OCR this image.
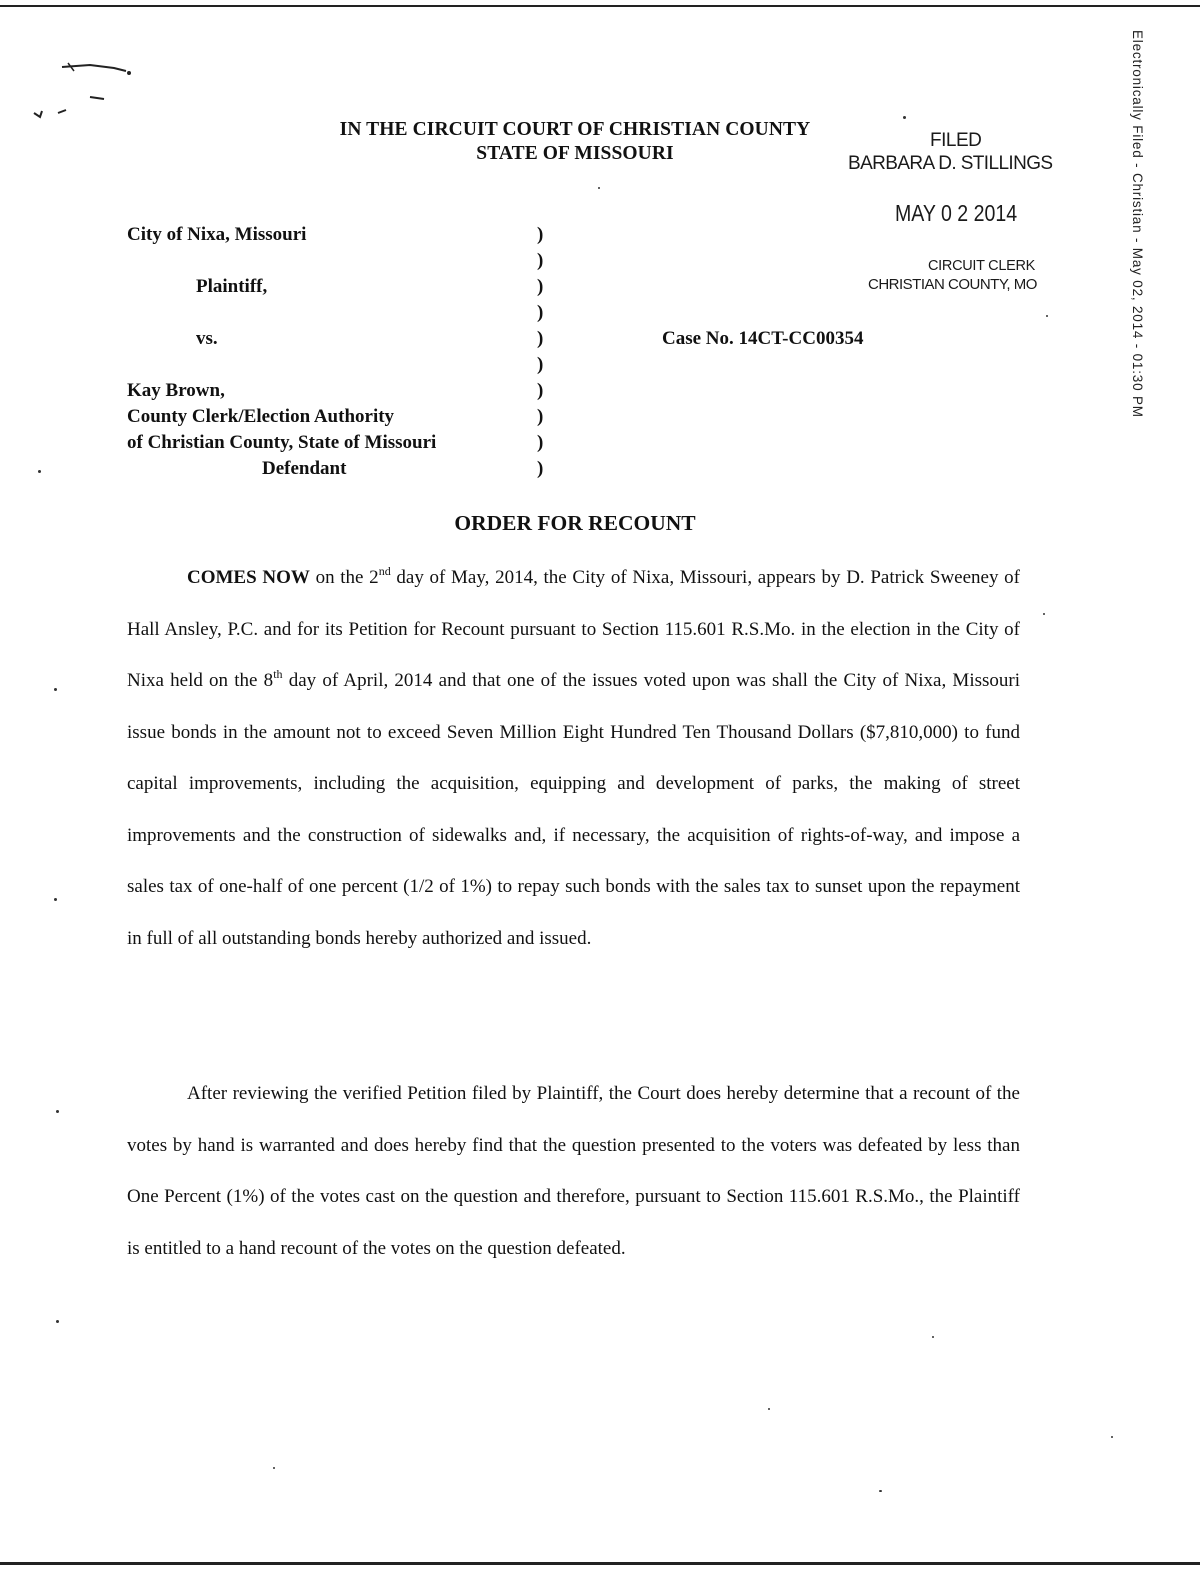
IN THE CIRCUIT COURT OF CHRISTIAN COUNTY
STATE OF MISSOURI
FILED
BARBARA D. STILLINGS
MAY 0 2 2014
CIRCUIT CLERK
CHRISTIAN COUNTY, MO	Electronically Filed - Christian - May 02, 2014 - 01:30 PM
City of Nixa, Missouri
Plaintiff,
vs.
Kay Brown,
County Clerk/Election Authority
of Christian County, State of Missouri
Defendant
)
)
)
)
)
)
)
)
)
)
Case No. 14CT-CC00354
ORDER FOR RECOUNT

COMES NOW on the 2nd day of May, 2014, the City of Nixa, Missouri, appears by D. Patrick Sweeney of Hall Ansley, P.C. and for its Petition for Recount pursuant to Section 115.601 R.S.Mo. in the election in the City of Nixa held on the 8th day of April, 2014 and that one of the issues voted upon was shall the City of Nixa, Missouri issue bonds in the amount not to exceed Seven Million Eight Hundred Ten Thousand Dollars ($7,810,000) to fund capital improvements, including the acquisition, equipping and development of parks, the making of street improvements and the construction of sidewalks and, if necessary, the acquisition of rights-of-way, and impose a sales tax of one-half of one percent (1/2 of 1%) to repay such bonds with the sales tax to sunset upon the repayment in full of all outstanding bonds hereby authorized and issued.

After reviewing the verified Petition filed by Plaintiff, the Court does hereby determine that a recount of the votes by hand is warranted and does hereby find that the question presented to the voters was defeated by less than One Percent (1%) of the votes cast on the question and therefore, pursuant to Section 115.601 R.S.Mo., the Plaintiff is entitled to a hand recount of the votes on the question defeated.
